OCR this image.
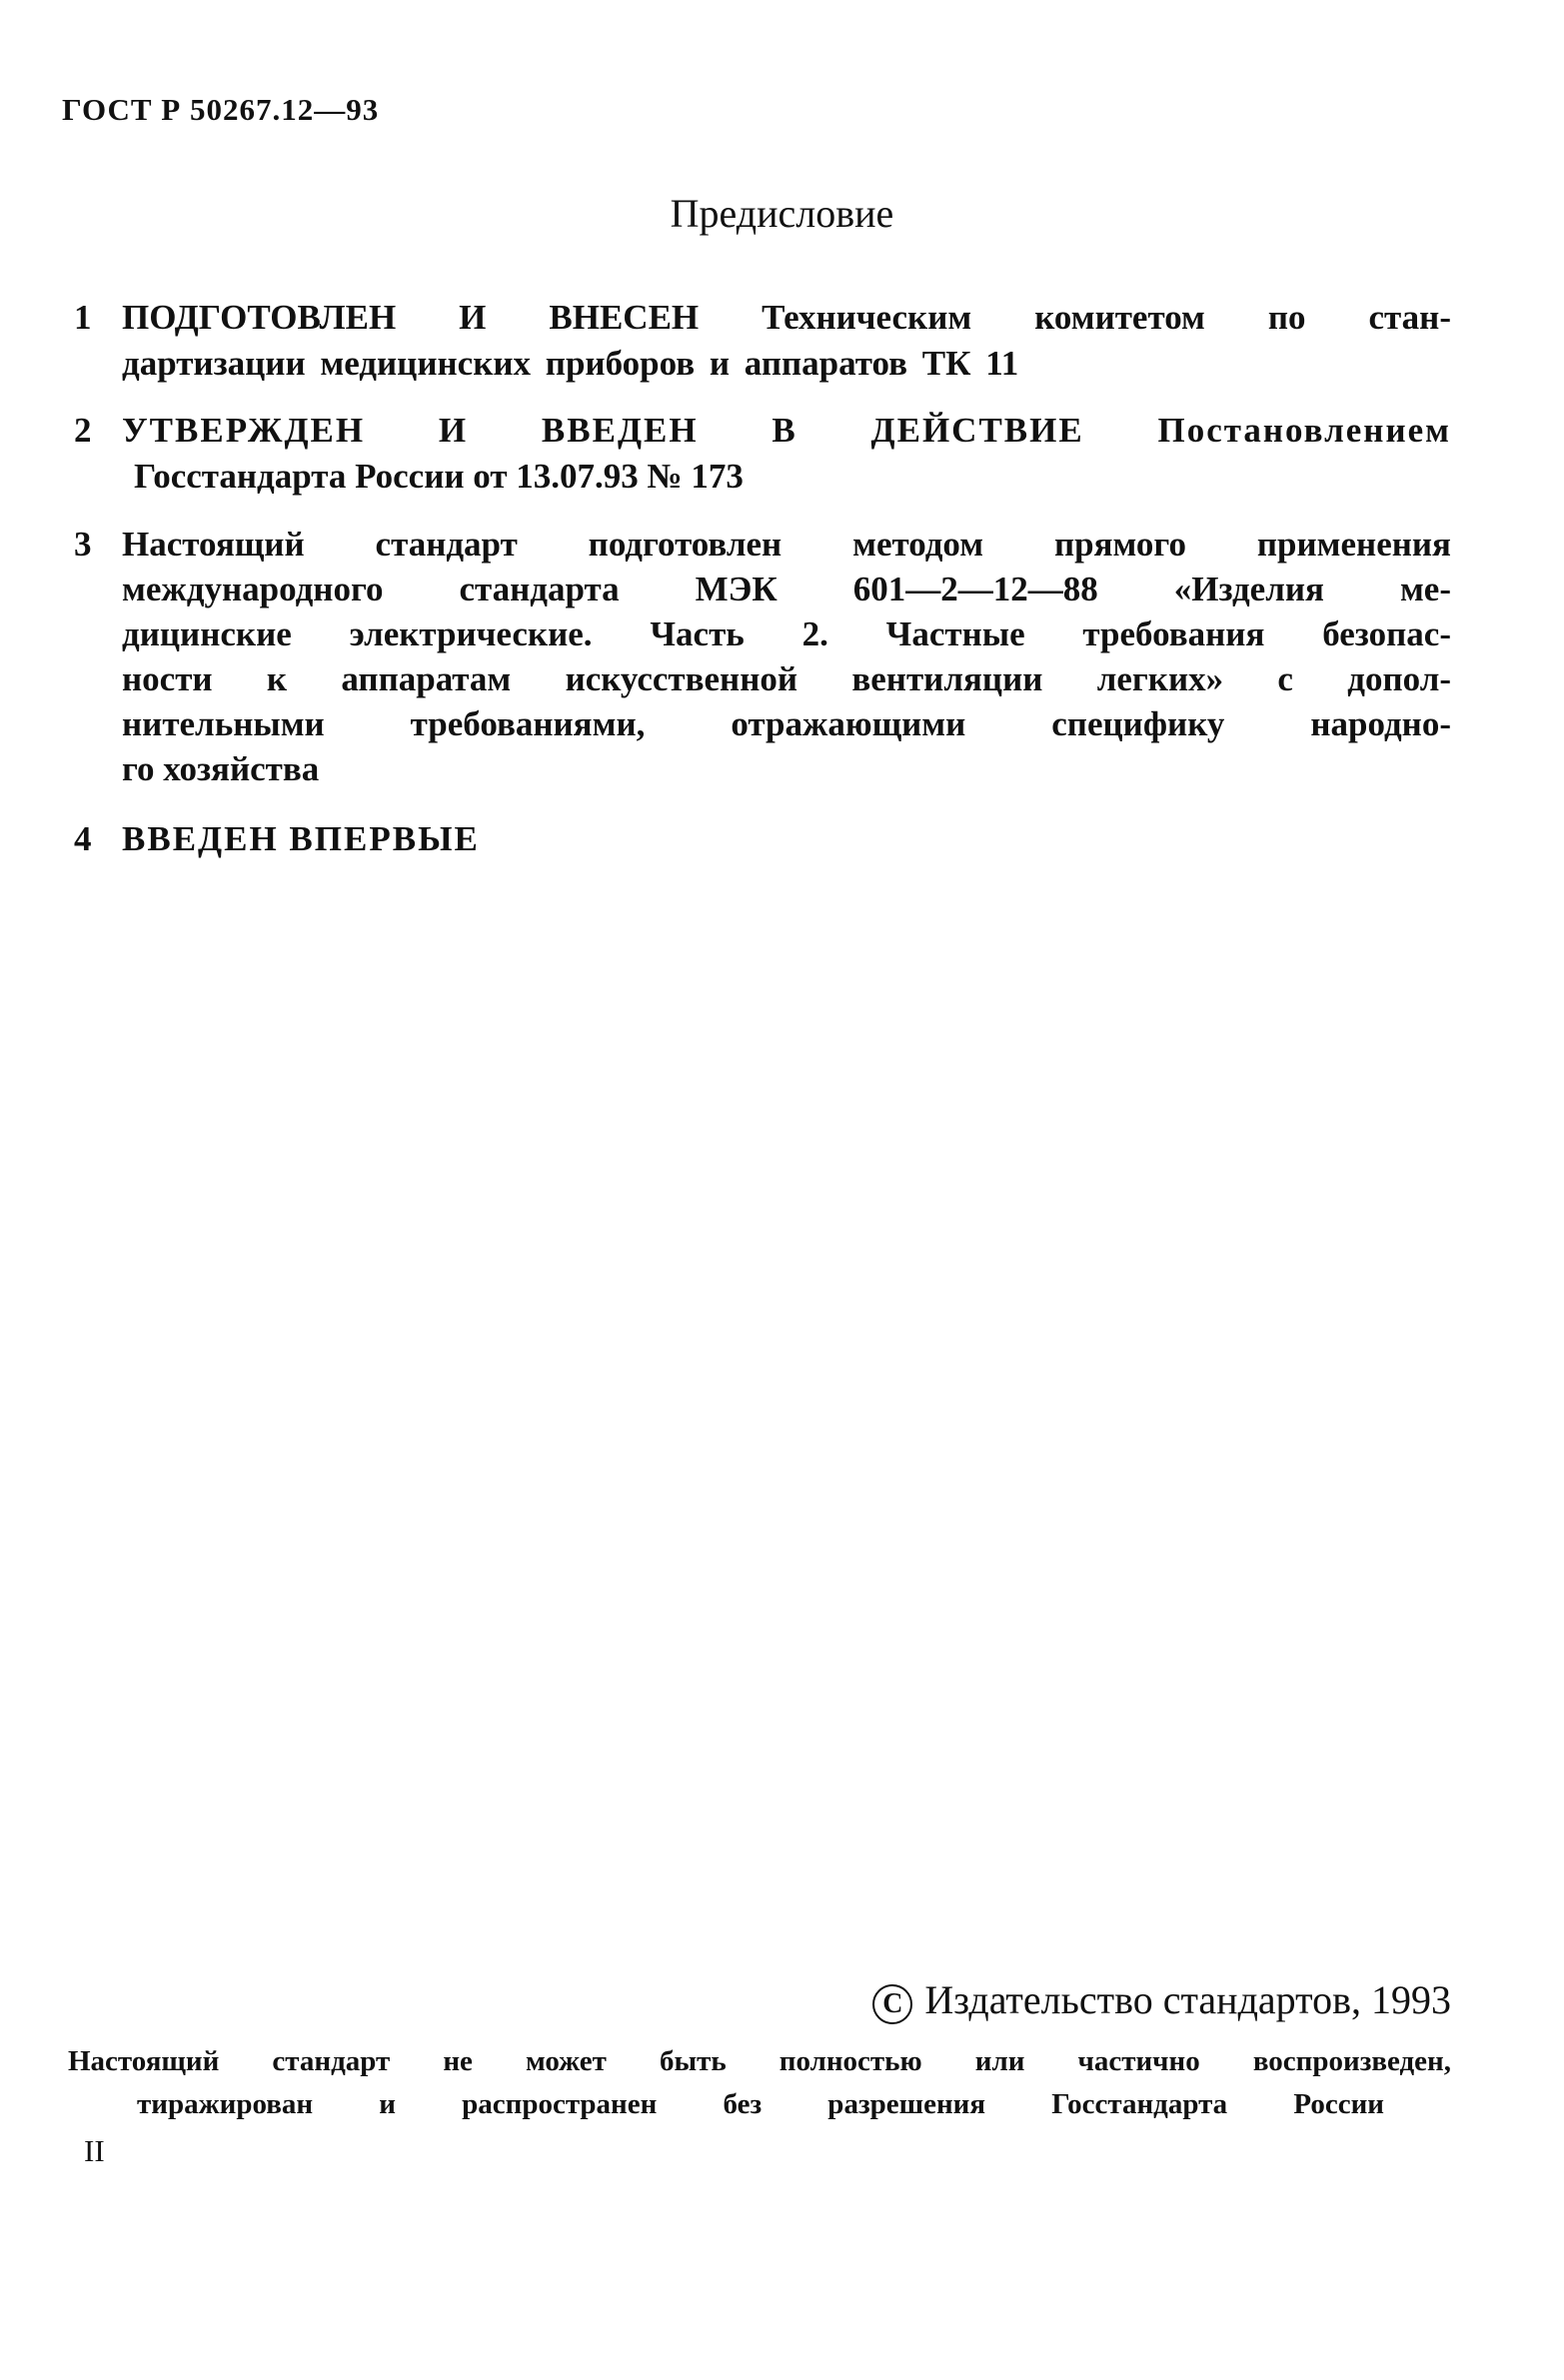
ГОСТ Р 50267.12—93
Предисловие
1 ПОДГОТОВЛЕН И ВНЕСЕН Техническим комитетом по стан-
дартизации медицинских приборов и аппаратов ТК 11
2 УТВЕРЖДЕН И ВВЕДЕН В ДЕЙСТВИЕ Постановлением
Госстандарта России от 13.07.93 № 173
3 Настоящий стандарт подготовлен методом прямого применения
международного стандарта МЭК 601—2—12—88 «Изделия ме-
дицинские электрические. Часть 2. Частные требования безопас-
ности к аппаратам искусственной вентиляции легких» с допол-
нительными требованиями, отражающими специфику народно-
го хозяйства
4 ВВЕДЕН ВПЕРВЫЕ
C Издательство стандартов, 1993
Настоящий стандарт не может быть полностью или частично воспроизведен,
тиражирован и распространен без разрешения Госстандарта России
II
